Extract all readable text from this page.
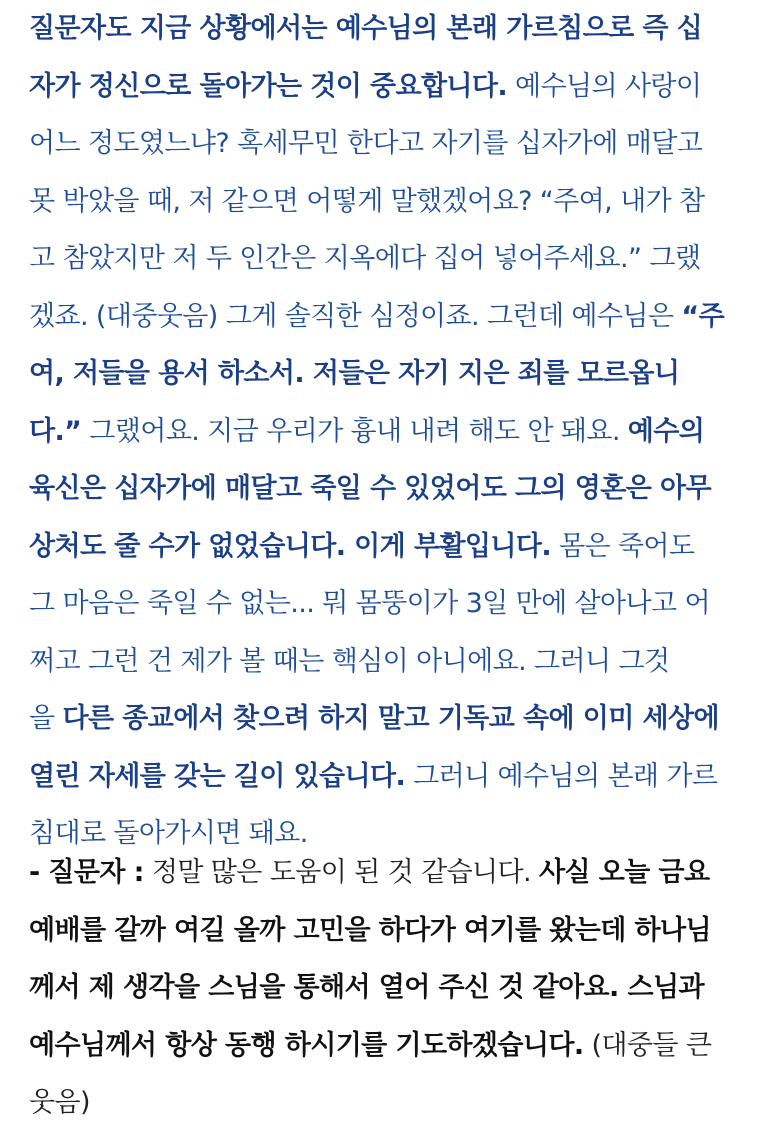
질문자도 지금 상황에서는 예수님의 본래 가르침으로 즉 십
자가 정신으로 돌아가는 것이 중요합니다. 예수님의 사랑이
어느 정도였느냐? 혹세무민 한다고 자기를 십자가에 매달고
못 박았을 때, 저 같으면 어떻게 말했겠어요? “주여, 내가 참
고 참았지만 저 두 인간은 지옥에다 집어 넣어주세요.” 그랬
겠죠. (대중웃음) 그게 솔직한 심정이죠. 그런데 예수님은 “주
여, 저들을 용서 하소서. 저들은 자기 지은 죄를 모르옵니
다.” 그랬어요. 지금 우리가 흉내 내려 해도 안 돼요. 예수의
육신은 십자가에 매달고 죽일 수 있었어도 그의 영혼은 아무
상처도 줄 수가 없었습니다. 이게 부활입니다. 몸은 죽어도
그 마음은 죽일 수 없는... 뭐 몸뚱이가 3일 만에 살아나고 어
쩌고 그런 건 제가 볼 때는 핵심이 아니에요. 그러니 그것
을 다른 종교에서 찾으려 하지 말고 기독교 속에 이미 세상에
열린 자세를 갖는 길이 있습니다. 그러니 예수님의 본래 가르
침대로 돌아가시면 돼요.
- 질문자 : 정말 많은 도움이 된 것 같습니다. 사실 오늘 금요
예배를 갈까 여길 올까 고민을 하다가 여기를 왔는데 하나님
께서 제 생각을 스님을 통해서 열어 주신 것 같아요. 스님과
예수님께서 항상 동행 하시기를 기도하겠습니다. (대중들 큰
웃음)
